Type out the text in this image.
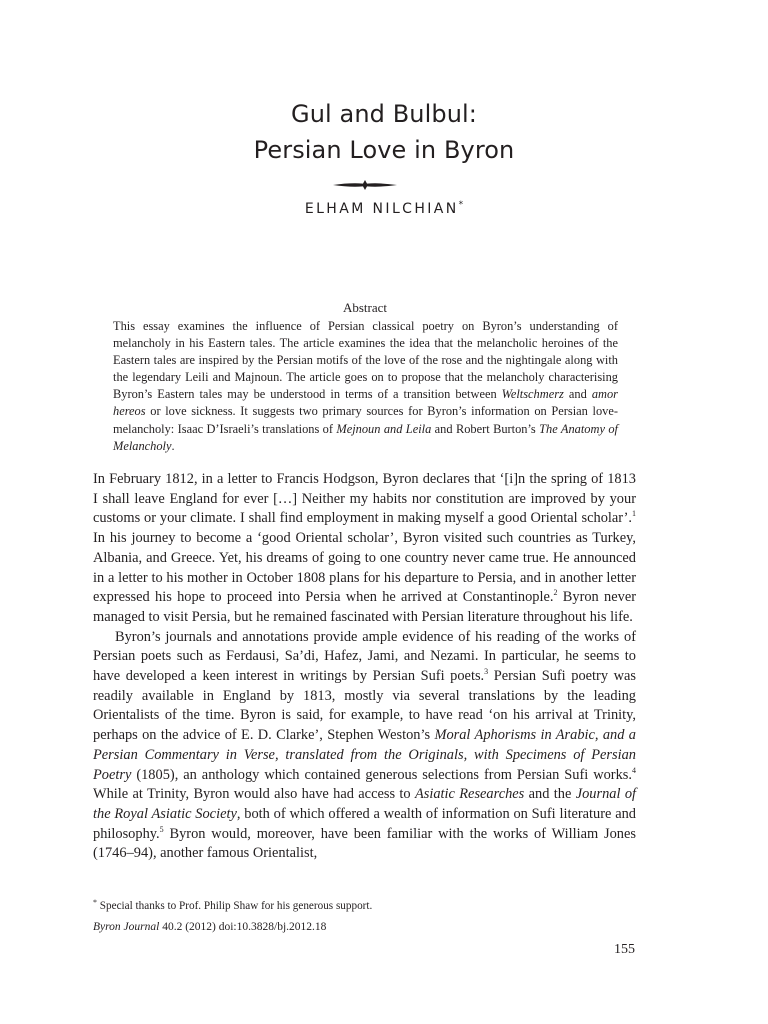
Gul and Bulbul:
Persian Love in Byron
ELHAM NILCHIAN*
Abstract

This essay examines the influence of Persian classical poetry on Byron’s understanding of melancholy in his Eastern tales. The article examines the idea that the melancholic heroines of the Eastern tales are inspired by the Persian motifs of the love of the rose and the nightingale along with the legendary Leili and Majnoun. The article goes on to propose that the melancholy characterising Byron’s Eastern tales may be understood in terms of a transition between Weltschmerz and amor hereos or love sickness. It suggests two primary sources for Byron’s information on Persian love-melancholy: Isaac D’Israeli’s translations of Mejnoun and Leila and Robert Burton’s The Anatomy of Melancholy.

In February 1812, in a letter to Francis Hodgson, Byron declares that ‘[i]n the spring of 1813 I shall leave England for ever […] Neither my habits nor constitution are improved by your customs or your climate. I shall find employment in making myself a good Oriental scholar’.$^1$ In his journey to become a ‘good Oriental scholar’, Byron visited such countries as Turkey, Albania, and Greece. Yet, his dreams of going to one country never came true. He announced in a letter to his mother in October 1808 plans for his departure to Persia, and in another letter expressed his hope to proceed into Persia when he arrived at Constantinople.$^2$ Byron never managed to visit Persia, but he remained fascinated with Persian literature throughout his life.

Byron’s journals and annotations provide ample evidence of his reading of the works of Persian poets such as Ferdausi, Sa’di, Hafez, Jami, and Nezami. In particular, he seems to have developed a keen interest in writings by Persian Sufi poets.$^3$ Persian Sufi poetry was readily available in England by 1813, mostly via several translations by the leading Orientalists of the time. Byron is said, for example, to have read ‘on his arrival at Trinity, perhaps on the advice of E. D. Clarke’, Stephen Weston’s Moral Aphorisms in Arabic, and a Persian Commentary in Verse, translated from the Originals, with Specimens of Persian Poetry (1805), an anthology which contained generous selections from Persian Sufi works.$^4$ While at Trinity, Byron would also have had access to Asiatic Researches and the Journal of the Royal Asiatic Society, both of which offered a wealth of information on Sufi literature and philosophy.$^5$ Byron would, moreover, have been familiar with the works of William Jones (1746–94), another famous Orientalist,

* Special thanks to Prof. Philip Shaw for his generous support.
Byron Journal 40.2 (2012) doi:10.3828/bj.2012.18
155
